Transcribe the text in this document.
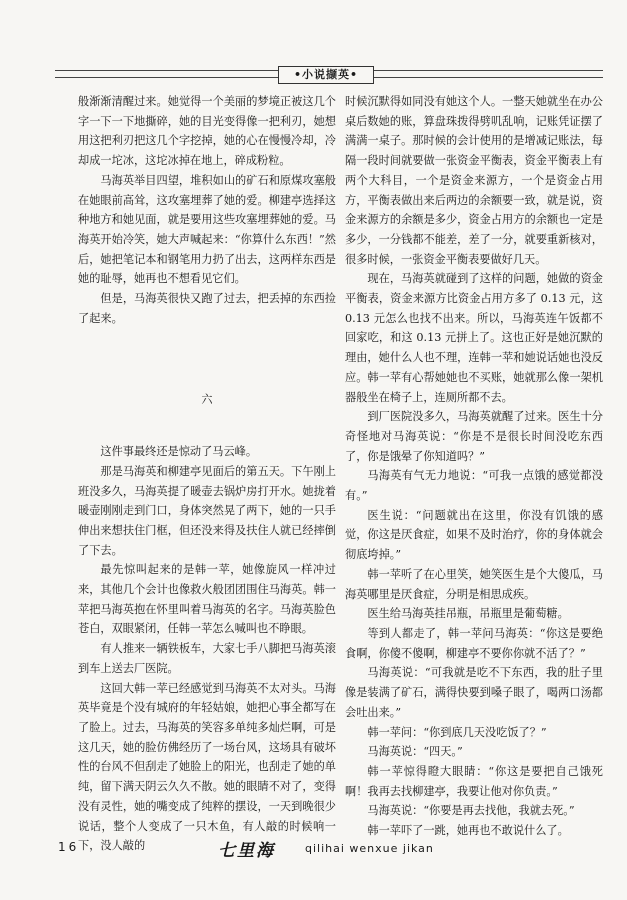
•小说撷英•

般渐渐清醒过来。她觉得一个美丽的梦境正被这几个字一下一下地撕碎，她的目光变得像一把利刃，她想用这把利刃把这几个字挖掉，她的心在慢慢冷却，冷却成一坨冰，这坨冰掉在地上，碎成粉粒。

马海英举目四望，堆积如山的矿石和原煤攻塞般在她眼前高耸，这攻塞埋葬了她的爱。柳建亭选择这种地方和她见面，就是要用这些攻塞埋葬她的爱。马海英开始冷笑，她大声喊起来：“你算什么东西！”然后，她把笔记本和钢笔用力扔了出去，这两样东西是她的耻辱，她再也不想看见它们。

但是，马海英很快又跑了过去，把丢掉的东西捡了起来。

六

这件事最终还是惊动了马云峰。

那是马海英和柳建亭见面后的第五天。下午刚上班没多久，马海英提了暖壶去锅炉房打开水。她拢着暖壶刚刚走到门口，身体突然晃了两下，她的一只手伸出来想扶住门框，但还没来得及扶住人就已经摔倒了下去。

最先惊叫起来的是韩一苹，她像旋风一样冲过来，其他几个会计也像救火般团团围住马海英。韩一苹把马海英抱在怀里叫着马海英的名字。马海英脸色苍白，双眼紧闭，任韩一苹怎么喊叫也不睁眼。

有人推来一辆铁板车，大家七手八脚把马海英滚到车上送去厂医院。

这回大韩一苹已经感觉到马海英不太对头。马海英毕竟是个没有城府的年轻姑娘，她把心事全都写在了脸上。过去，马海英的笑容多单纯多灿烂啊，可是这几天，她的脸仿佛经历了一场台风，这场具有破坏性的台风不但刮走了她脸上的阳光，也刮走了她的单纯，留下满天阴云久久不散。她的眼睛不对了，变得没有灵性，她的嘴变成了纯粹的摆设，一天到晚很少说话，整个人变成了一只木鱼，有人敲的时候响一下，没人敲的

时候沉默得如同没有她这个人。一整天她就坐在办公桌后数她的账，算盘珠拨得劈叽乱响，记账凭证摆了满满一桌子。那时候的会计使用的是增减记账法，每隔一段时间就要做一张资金平衡表，资金平衡表上有两个大科目，一个是资金来源方，一个是资金占用方，平衡表做出来后两边的余额要一致，就是说，资金来源方的余额是多少，资金占用方的余额也一定是多少，一分钱都不能差，差了一分，就要重新核对，很多时候，一张资金平衡表要做好几天。

现在，马海英就碰到了这样的问题，她做的资金平衡表，资金来源方比资金占用方多了 0.13 元，这 0.13 元怎么也找不出来。所以，马海英连午饭都不回家吃，和这 0.13 元拼上了。这也正好是她沉默的理由，她什么人也不理，连韩一苹和她说话她也没反应。韩一苹有心帮她她也不买账，她就那么像一架机器般坐在椅子上，连厕所都不去。

到厂医院没多久，马海英就醒了过来。医生十分奇怪地对马海英说：“你是不是很长时间没吃东西了，你是饿晕了你知道吗？”

马海英有气无力地说：“可我一点饿的感觉都没有。”

医生说：“问题就出在这里，你没有饥饿的感觉，你这是厌食症，如果不及时治疗，你的身体就会彻底垮掉。”

韩一苹听了在心里笑，她笑医生是个大傻瓜，马海英哪里是厌食症，分明是相思成疾。

医生给马海英挂吊瓶，吊瓶里是葡萄糖。

等到人都走了，韩一苹问马海英：“你这是要绝食啊，你傻不傻啊，柳建亭不要你你就不活了？”

马海英说：“可我就是吃不下东西，我的肚子里像是装满了矿石，满得快要到嗓子眼了，喝两口汤都会吐出来。”

韩一苹问：“你到底几天没吃饭了？”

马海英说：“四天。”

韩一苹惊得瞪大眼睛：“你这是要把自己饿死啊！我再去找柳建亭，我要让他对你负责。”

马海英说：“你要是再去找他，我就去死。”

韩一苹吓了一跳，她再也不敢说什么了。

16	七里海	qilihai wenxue jikan
